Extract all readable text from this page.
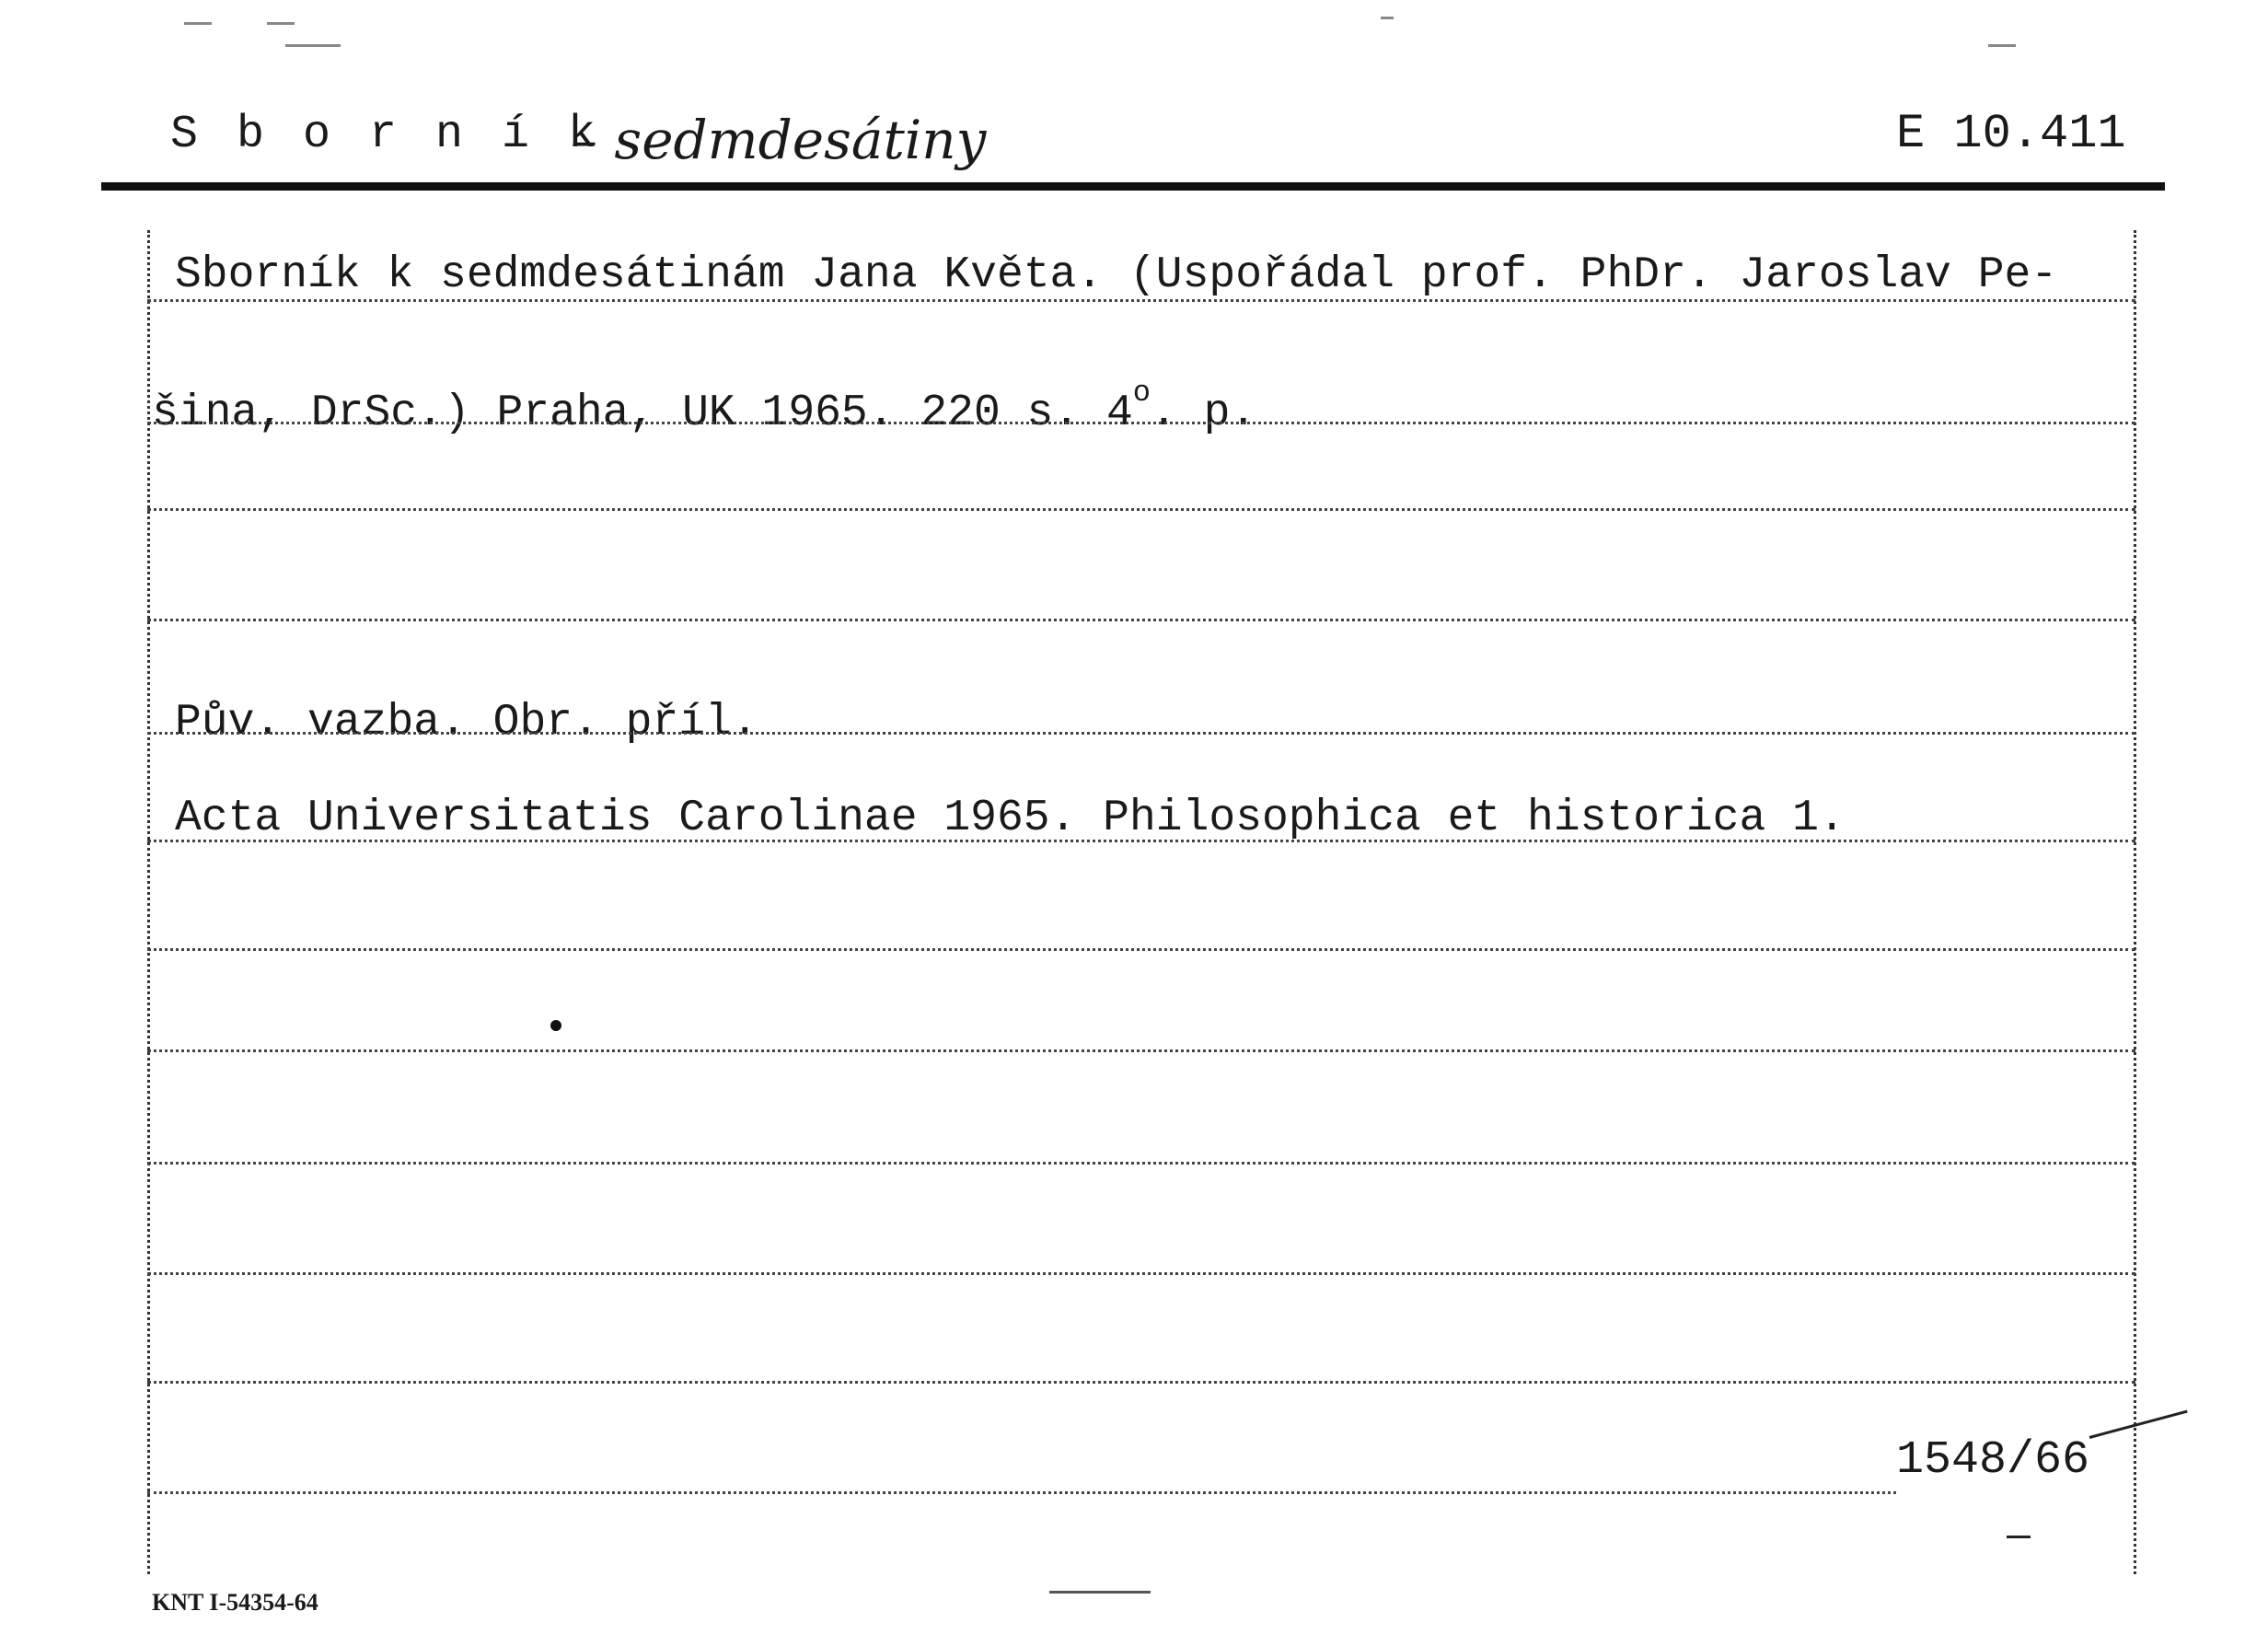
S b o r n í k
– sedmdesátiny	E 10.411
Sborník k sedmdesátinám Jana Květa. (Uspořádal prof. PhDr. Jaroslav Pe-
šina, DrSc.) Praha, UK 1965. 220 s. 4$^o$. p.
Pův. vazba. Obr. příl.
Acta Universitatis Carolinae 1965. Philosophica et historica 1.
1548/66
KNT I-54354-64
